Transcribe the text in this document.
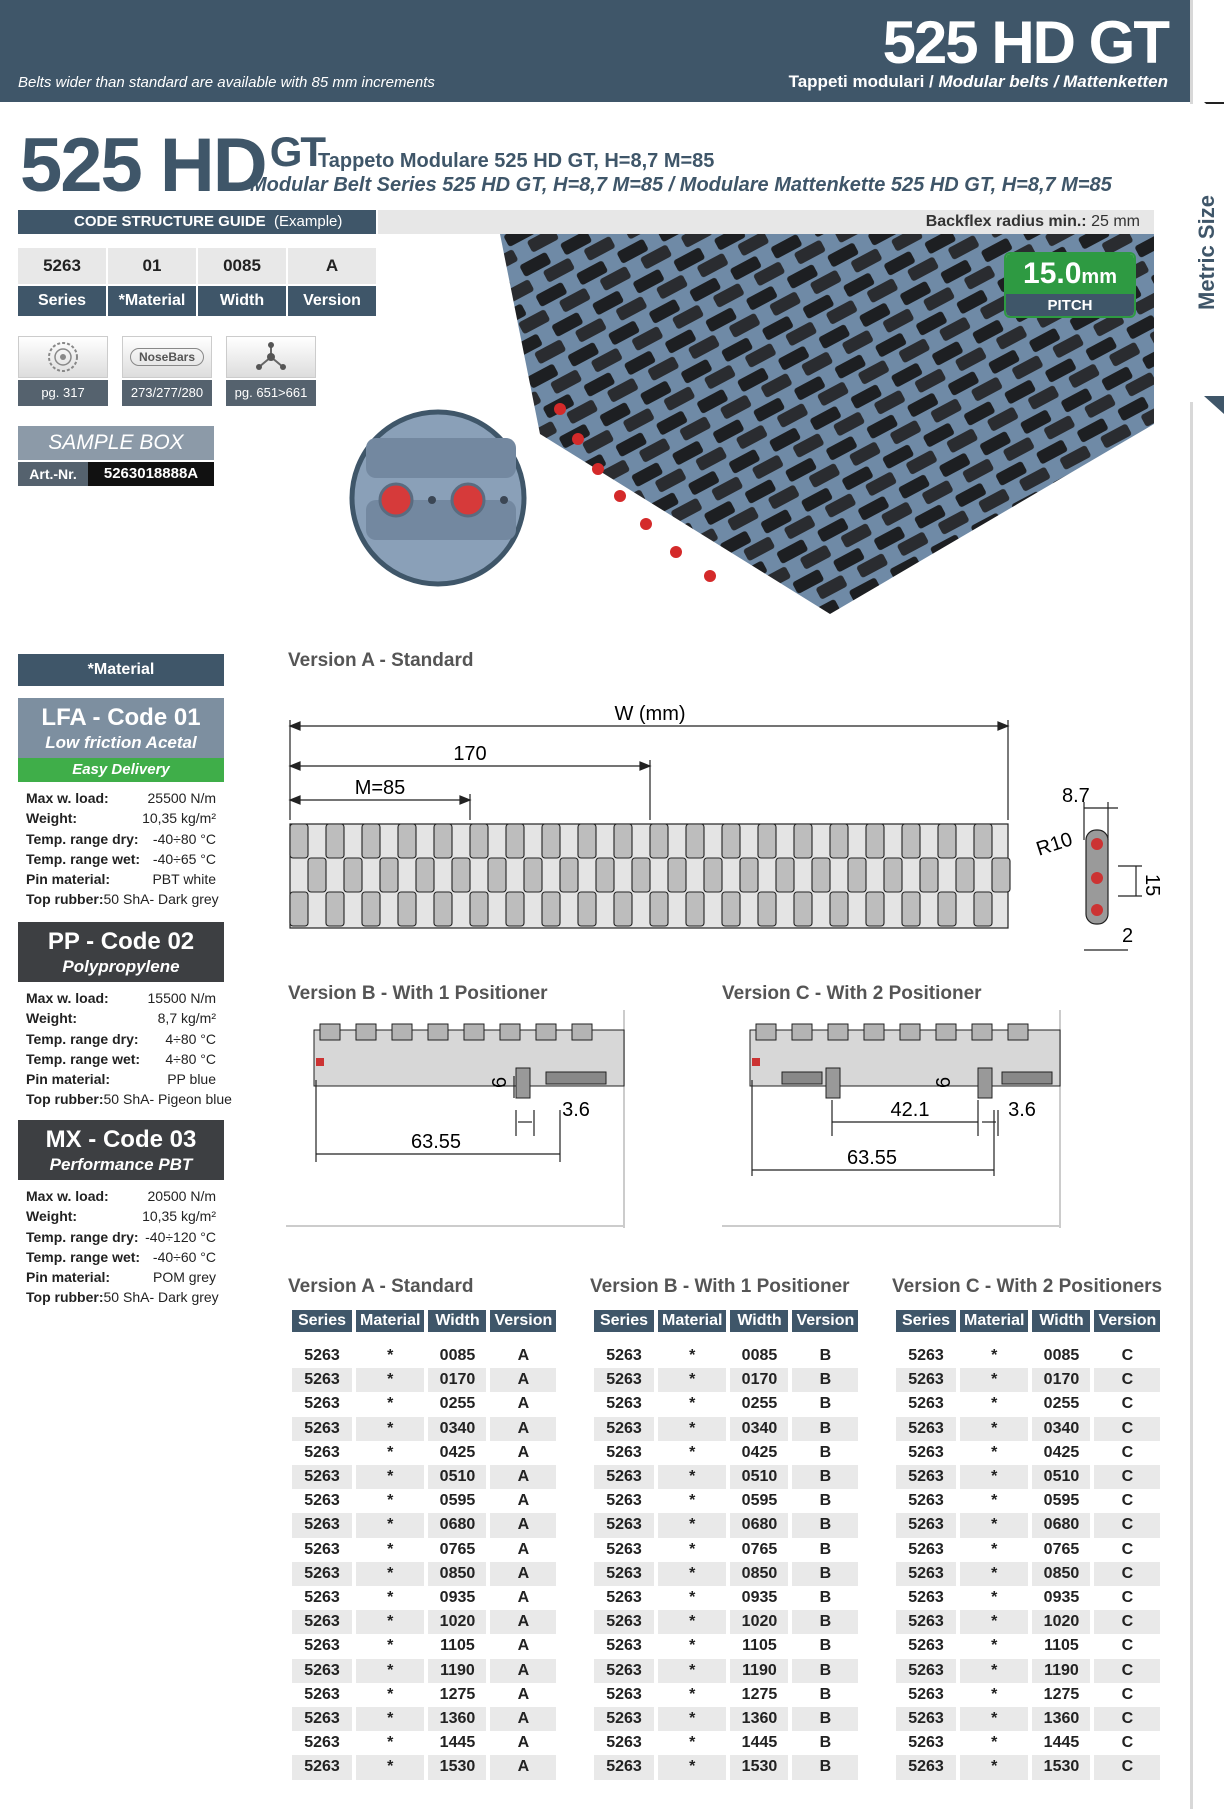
525 HD GT
Tappeti modulari / Modular belts / Mattenketten
Belts wider than standard are available with 85 mm increments
Metric Size
525 $HD^{GT}$
Tappeto Modulare 525 HD GT, H=8,7 M=85
Modular Belt Series 525 HD GT, H=8,7 M=85 / Modulare Mattenkette 525 HD GT, H=8,7 M=85
CODE STRUCTURE GUIDE (Example)	Backflex radius min.: 25 mm
5263	01	0085	A
Series	*Material	Width	Version
NoseBars
pg. 317	273/277/280	pg. 651>661
SAMPLE BOX
Art.-Nr.	5263018888A
15.0mm
PITCH
*Material
LFA - Code 01
Low friction Acetal
Easy Delivery
Max w. load:	25500 N/m
Weight:	10,35 kg/m²
Temp. range dry: -40÷80 °C
Temp. range wet: -40÷65 °C
Pin material:	PBT white
Top rubber: 50 ShA- Dark grey
PP - Code 02
Polypropylene
Max w. load:	15500 N/m
Weight:	8,7 kg/m²
Temp. range dry: 4÷80 °C
Temp. range wet: 4÷80 °C
Pin material:	PP blue
Top rubber: 50 ShA- Pigeon blue
MX - Code 03
Performance PBT
Max w. load:	20500 N/m
Weight:	10,35 kg/m²
Temp. range dry: -40÷120 °C
Temp. range wet: -40÷60 °C
Pin material:	POM grey
Top rubber: 50 ShA- Dark grey
Version A - Standard
W (mm)
170
M=85	8.7
R10
15
2
Version B - With 1 Positioner
6
63.55
3.6
Version C - With 2 Positioner
6
42.1	3.6
63.55
Version A - Standard	Version B - With 1 Positioner Version C - With 2 Positioners
Series	Material	Width	Version
5263	*	0085	A
5263	*	0170	A
5263	*	0255	A
5263	*	0340	A
5263	*	0425	A
5263	*	0510	A
5263	*	0595	A
5263	*	0680	A
5263	*	0765	A
5263	*	0850	A
5263	*	0935	A
5263	*	1020	A
5263	*	1105	A
5263	*	1190	A
5263	*	1275	A
5263	*	1360	A
5263	*	1445	A
5263	*	1530	A
Series	Material	Width	Version
5263	*	0085	B
5263	*	0170	B
5263	*	0255	B
5263	*	0340	B
5263	*	0425	B
5263	*	0510	B
5263	*	0595	B
5263	*	0680	B
5263	*	0765	B
5263	*	0850	B
5263	*	0935	B
5263	*	1020	B
5263	*	1105	B
5263	*	1190	B
5263	*	1275	B
5263	*	1360	B
5263	*	1445	B
5263	*	1530	B
Series	Material	Width	Version
5263	*	0085	C
5263	*	0170	C
5263	*	0255	C
5263	*	0340	C
5263	*	0425	C
5263	*	0510	C
5263	*	0595	C
5263	*	0680	C
5263	*	0765	C
5263	*	0850	C
5263	*	0935	C
5263	*	1020	C
5263	*	1105	C
5263	*	1190	C
5263	*	1275	C
5263	*	1360	C
5263	*	1445	C
5263	*	1530	C
